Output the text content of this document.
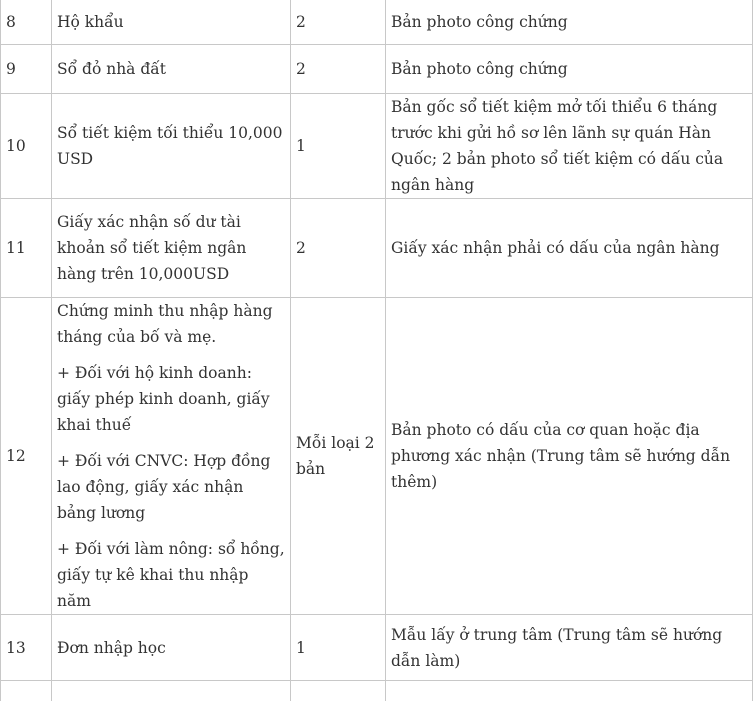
8	Hộ khẩu	2	Bản photo công chứng
9	Sổ đỏ nhà đất	2	Bản photo công chứng
10	Sổ tiết kiệm tối thiểu 10,000 USD	1	Bản gốc sổ tiết kiệm mở tối thiểu 6 tháng trước khi gửi hồ sơ lên lãnh sự quán Hàn Quốc; 2 bản photo sổ tiết kiệm có dấu của ngân hàng
11	Giấy xác nhận số dư tài khoản sổ tiết kiệm ngân hàng trên 10,000USD	2	Giấy xác nhận phải có dấu của ngân hàng
12	Chứng minh thu nhập hàng tháng của bố và mẹ.

+ Đối với hộ kinh doanh: giấy phép kinh doanh, giấy khai thuế

+ Đối với CNVC: Hợp đồng lao động, giấy xác nhận bảng lương

+ Đối với làm nông: sổ hồng, giấy tự kê khai thu nhập năm	Mỗi loại 2 bản	Bản photo có dấu của cơ quan hoặc địa phương xác nhận (Trung tâm sẽ hướng dẫn thêm)
13	Đơn nhập học	1	Mẫu lấy ở trung tâm (Trung tâm sẽ hướng dẫn làm)
